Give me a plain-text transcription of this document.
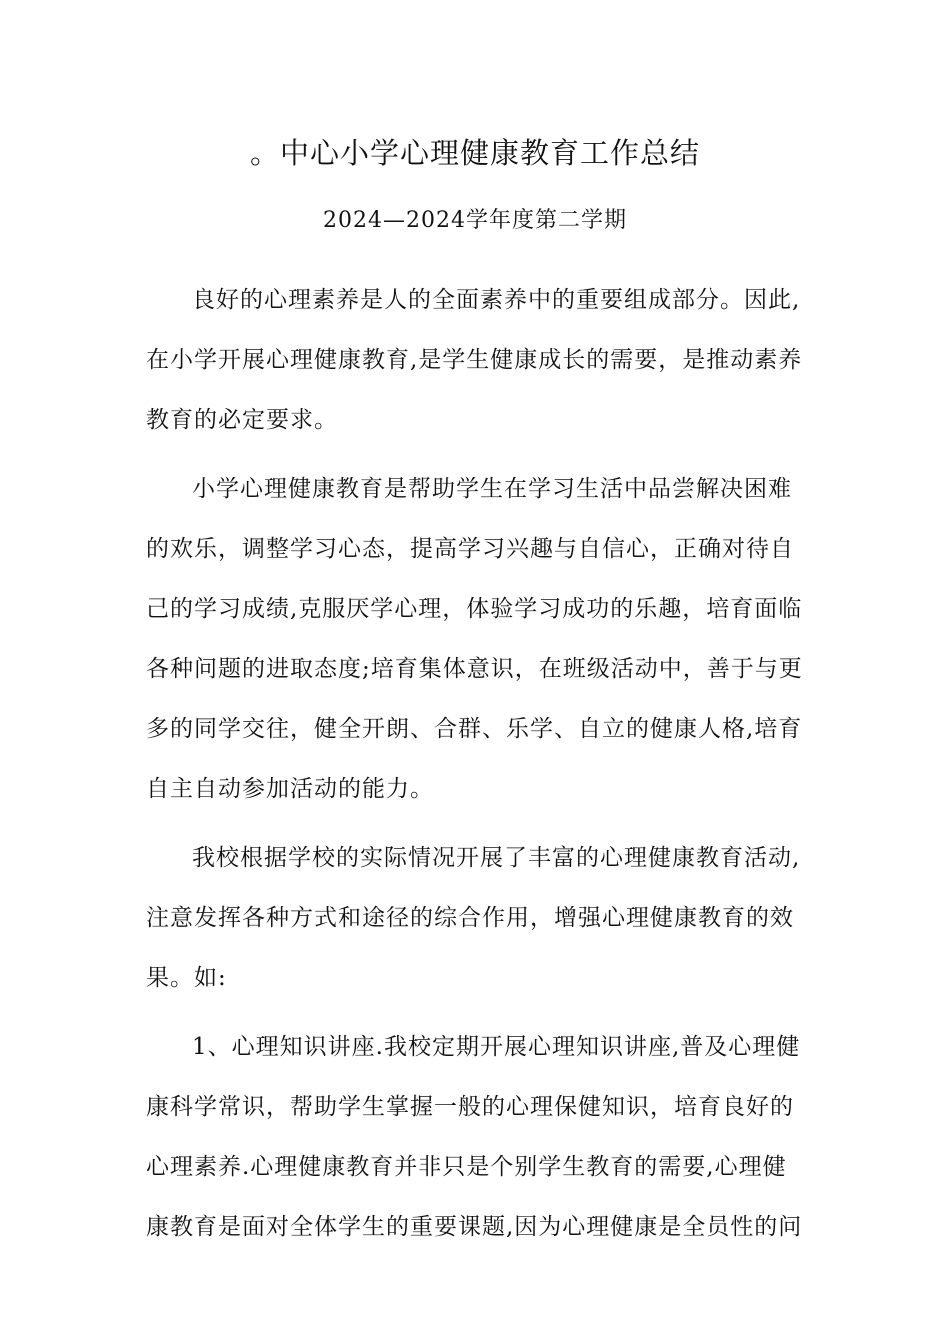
。中心小学心理健康教育工作总结
2024—2024学年度第二学期
良好的心理素养是人的全面素养中的重要组成部分。因此,
在小学开展心理健康教育,是学生健康成长的需要，是推动素养
教育的必定要求。
小学心理健康教育是帮助学生在学习生活中品尝解决困难
的欢乐，调整学习心态，提高学习兴趣与自信心，正确对待自
己的学习成绩,克服厌学心理，体验学习成功的乐趣，培育面临
各种问题的进取态度;培育集体意识，在班级活动中，善于与更
多的同学交往，健全开朗、合群、乐学、自立的健康人格,培育
自主自动参加活动的能力。
我校根据学校的实际情况开展了丰富的心理健康教育活动,
注意发挥各种方式和途径的综合作用，增强心理健康教育的效
果。如:
1、心理知识讲座.我校定期开展心理知识讲座,普及心理健
康科学常识，帮助学生掌握一般的心理保健知识，培育良好的
心理素养.心理健康教育并非只是个别学生教育的需要,心理健
康教育是面对全体学生的重要课题,因为心理健康是全员性的问
